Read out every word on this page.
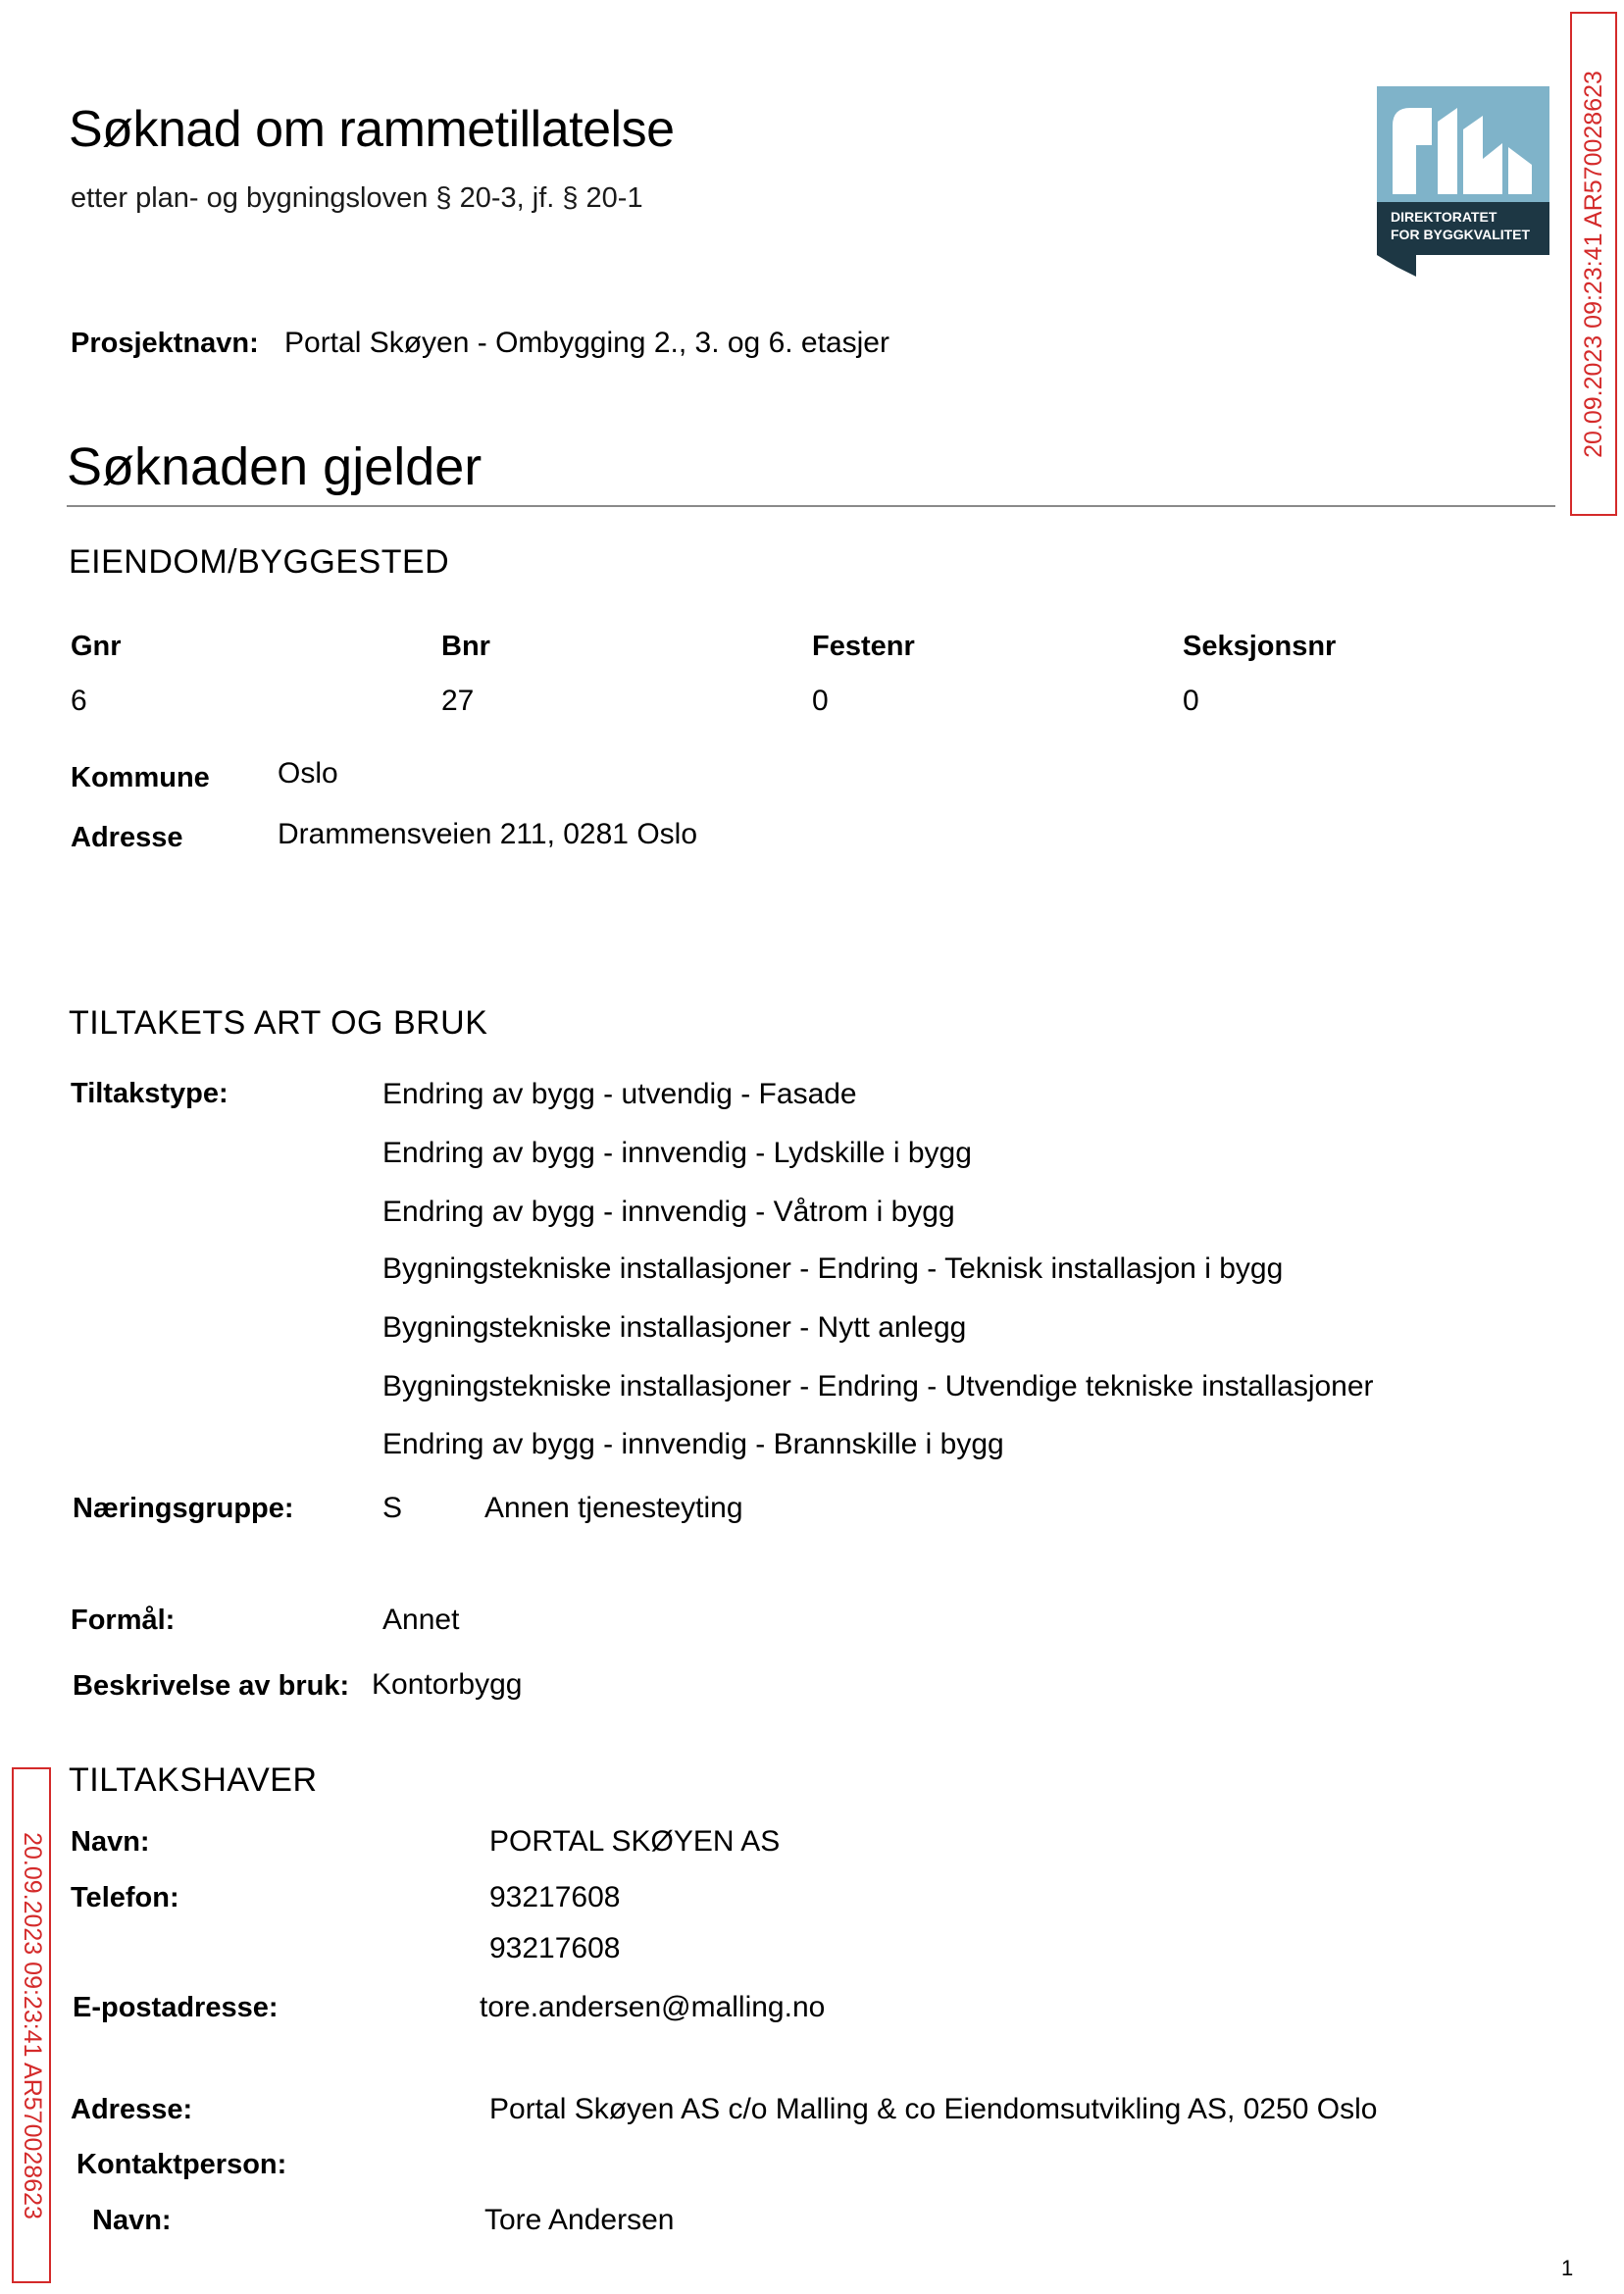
Søknad om rammetillatelse
etter plan- og bygningsloven § 20-3, jf. § 20-1
DIREKTORATET
FOR BYGGKVALITET 20.09.2023 09:23:41 AR570028623
20.09.2023 09:23:41 AR570028623
Prosjektnavn: Portal Skøyen - Ombygging 2., 3. og 6. etasjer
Søknaden gjelder
EIENDOM/BYGGESTED
Gnr	Bnr	Festenr	Seksjonsnr
6	27	0	0
Kommune Oslo
Adresse	Drammensveien 211, 0281 Oslo
TILTAKETS ART OG BRUK
Tiltakstype:	Endring av bygg - utvendig - Fasade
Endring av bygg - innvendig - Lydskille i bygg
Endring av bygg - innvendig - Våtrom i bygg
Bygningstekniske installasjoner - Endring - Teknisk installasjon i bygg
Bygningstekniske installasjoner - Nytt anlegg
Bygningstekniske installasjoner - Endring - Utvendige tekniske installasjoner
Endring av bygg - innvendig - Brannskille i bygg
Næringsgruppe:	S	Annen tjenesteyting
Formål:	Annet
Beskrivelse av bruk: Kontorbygg
TILTAKSHAVER
Navn:	PORTAL SKØYEN AS
Telefon:	93217608
93217608
E-postadresse:	tore.andersen@malling.no
Adresse:	Portal Skøyen AS c/o Malling & co Eiendomsutvikling AS, 0250 Oslo
Kontaktperson:
Navn:	Tore Andersen
1
